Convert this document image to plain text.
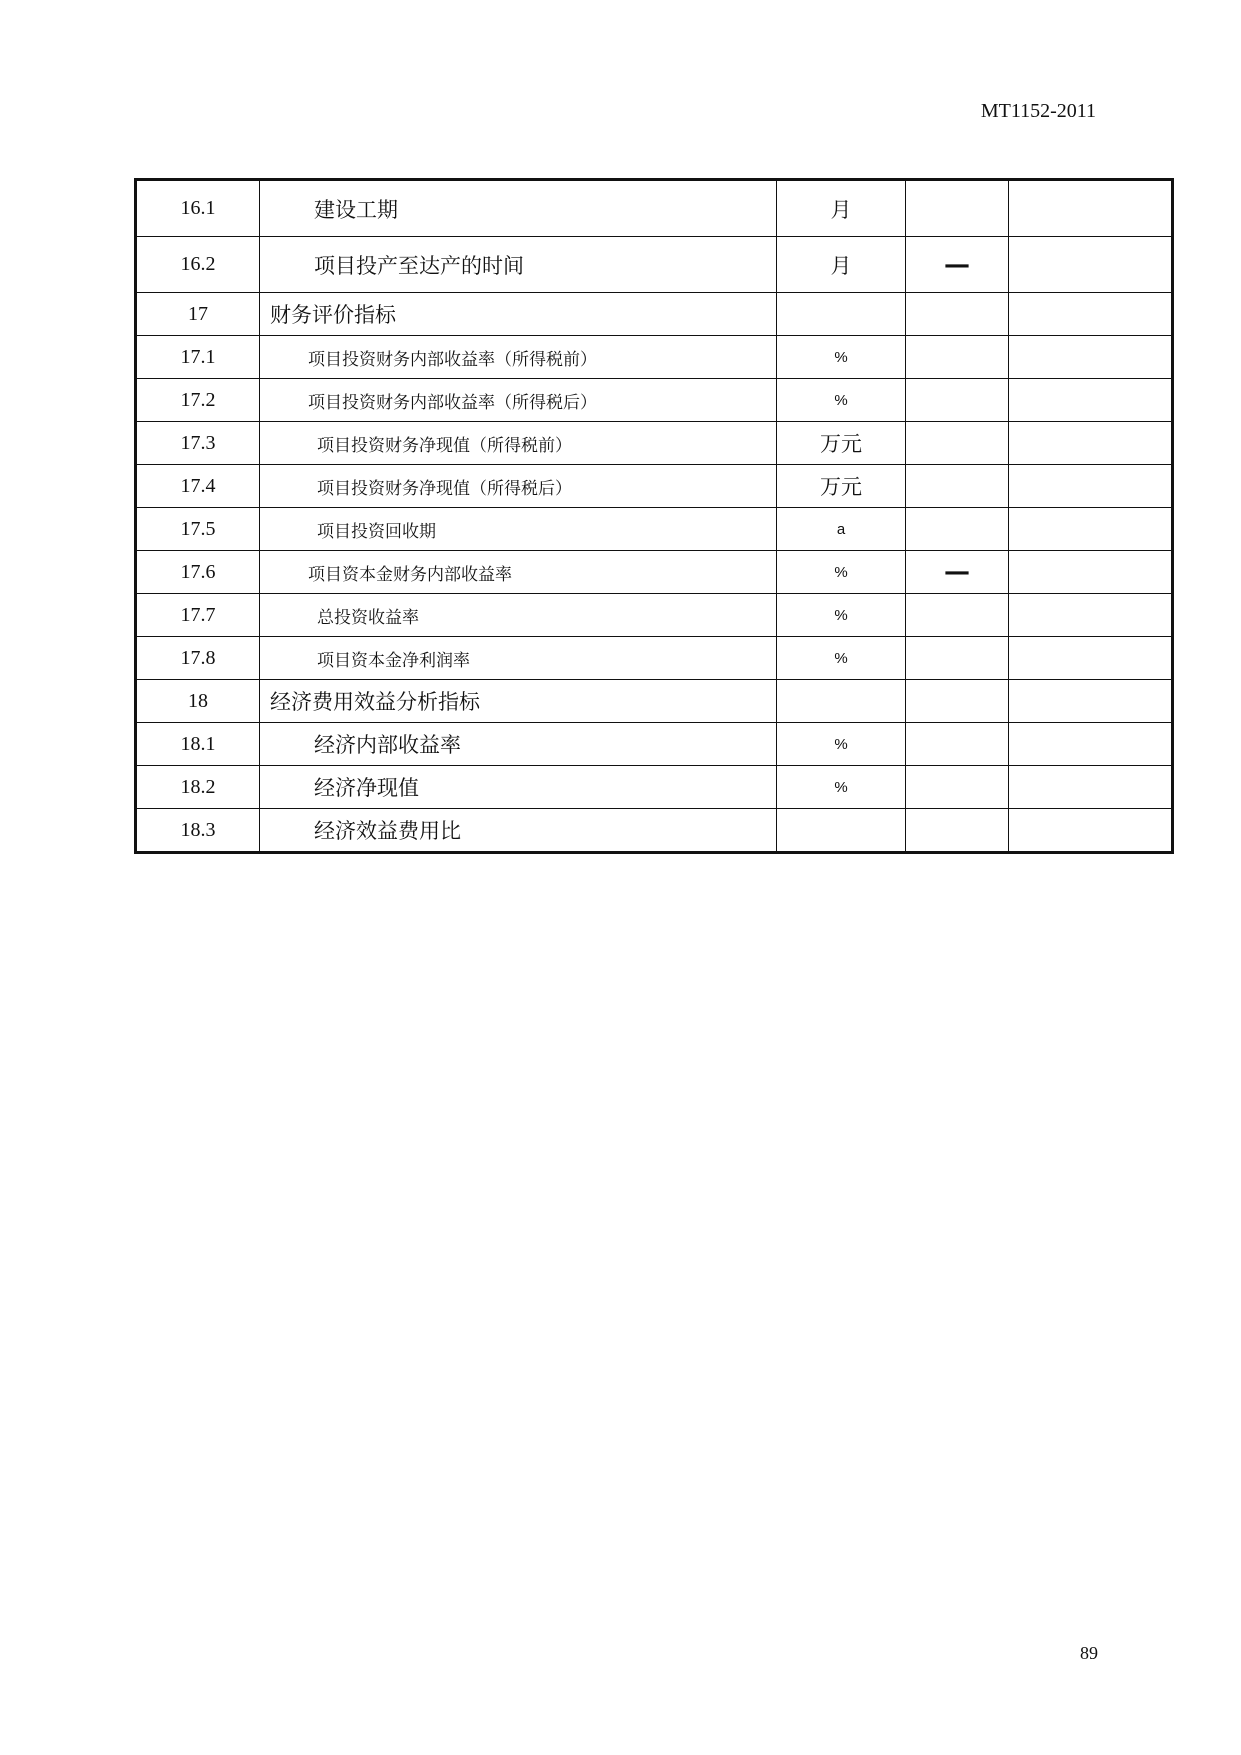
MT1152-2011
16.1	建设工期	月		
16.2	项目投产至达产的时间	月	—	
17	财务评价指标			
17.1	项目投资财务内部收益率（所得税前）	%		
17.2	项目投资财务内部收益率（所得税后）	%		
17.3	项目投资财务净现值（所得税前）	万元		
17.4	项目投资财务净现值（所得税后）	万元		
17.5	项目投资回收期	a		
17.6	项目资本金财务内部收益率	%	—	
17.7	总投资收益率	%		
17.8	项目资本金净利润率	%		
18	经济费用效益分析指标			
18.1	经济内部收益率	%		
18.2	经济净现值	%		
18.3	经济效益费用比			
89
